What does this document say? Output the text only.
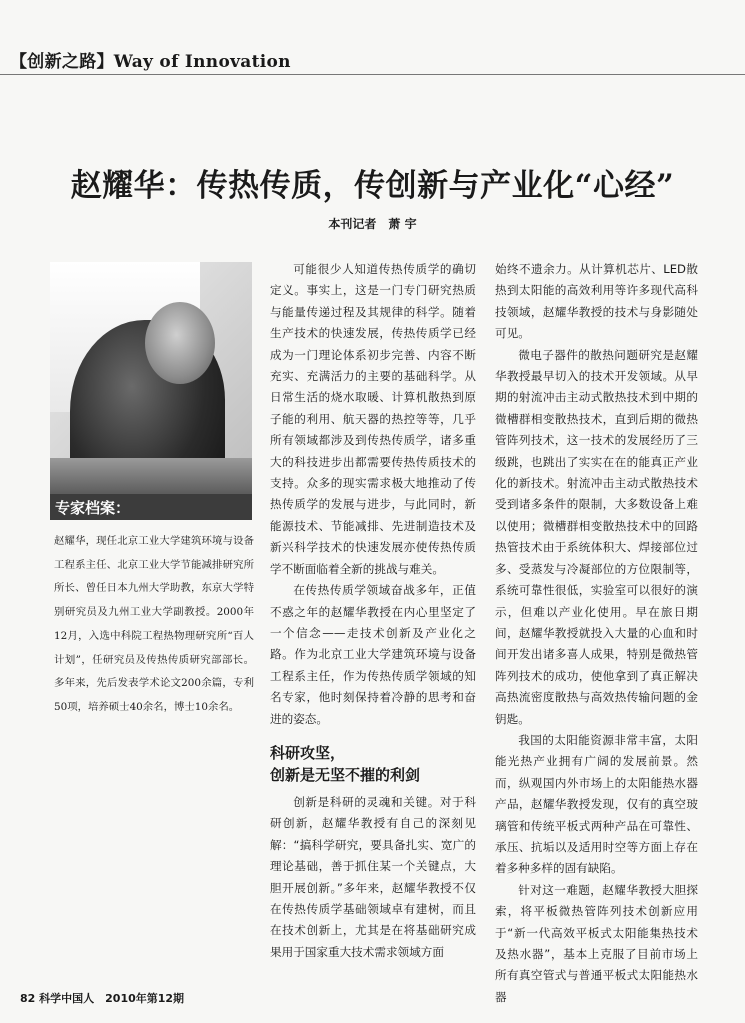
【创新之路】Way of Innovation
赵耀华：传热传质，传创新与产业化“心经”
本刊记者　萧 宇
专家档案：
赵耀华，现任北京工业大学建筑环境与设备工程系主任、北京工业大学节能减排研究所所长、曾任日本九州大学助教，东京大学特别研究员及九州工业大学副教授。2000年12月，入选中科院工程热物理研究所“百人计划”，任研究员及传热传质研究部部长。多年来，先后发表学术论文200余篇，专利50项，培养硕士40余名，博士10余名。

可能很少人知道传热传质学的确切定义。事实上，这是一门专门研究热质与能量传递过程及其规律的科学。随着生产技术的快速发展，传热传质学已经成为一门理论体系初步完善、内容不断充实、充满活力的主要的基础科学。从日常生活的烧水取暖、计算机散热到原子能的利用、航天器的热控等等，几乎所有领域都涉及到传热传质学，诸多重大的科技进步出都需要传热传质技术的支持。众多的现实需求极大地推动了传热传质学的发展与进步，与此同时，新能源技术、节能减排、先进制造技术及新兴科学技术的快速发展亦使传热传质学不断面临着全新的挑战与难关。

在传热传质学领域奋战多年，正值不惑之年的赵耀华教授在内心里坚定了一个信念——走技术创新及产业化之路。作为北京工业大学建筑环境与设备工程系主任，作为传热传质学领域的知名专家，他时刻保持着冷静的思考和奋进的姿态。

科研攻坚，
创新是无坚不摧的利剑

创新是科研的灵魂和关键。对于科研创新，赵耀华教授有自己的深刻见解：“搞科学研究，要具备扎实、宽广的理论基础，善于抓住某一个关键点，大胆开展创新。”多年来，赵耀华教授不仅在传热传质学基础领域卓有建树，而且在技术创新上，尤其是在将基础研究成果用于国家重大技术需求领域方面

始终不遗余力。从计算机芯片、LED散热到太阳能的高效利用等许多现代高科技领域，赵耀华教授的技术与身影随处可见。

微电子器件的散热问题研究是赵耀华教授最早切入的技术开发领域。从早期的射流冲击主动式散热技术到中期的微槽群相变散热技术，直到后期的微热管阵列技术，这一技术的发展经历了三级跳，也跳出了实实在在的能真正产业化的新技术。射流冲击主动式散热技术受到诸多条件的限制，大多数设备上难以使用；微槽群相变散热技术中的回路热管技术由于系统体积大、焊接部位过多、受蒸发与冷凝部位的方位限制等，系统可靠性很低，实验室可以很好的演示，但难以产业化使用。早在旅日期间，赵耀华教授就投入大量的心血和时间开发出诸多喜人成果，特别是微热管阵列技术的成功，使他拿到了真正解决高热流密度散热与高效热传输问题的金钥匙。

我国的太阳能资源非常丰富，太阳能光热产业拥有广阔的发展前景。然而，纵观国内外市场上的太阳能热水器产品，赵耀华教授发现，仅有的真空玻璃管和传统平板式两种产品在可靠性、承压、抗垢以及适用时空等方面上存在着多种多样的固有缺陷。

针对这一难题，赵耀华教授大胆探索，将平板微热管阵列技术创新应用于“新一代高效平板式太阳能集热技术及热水器”，基本上克服了目前市场上所有真空管式与普通平板式太阳能热水器

82 科学中国人　2010年第12期
